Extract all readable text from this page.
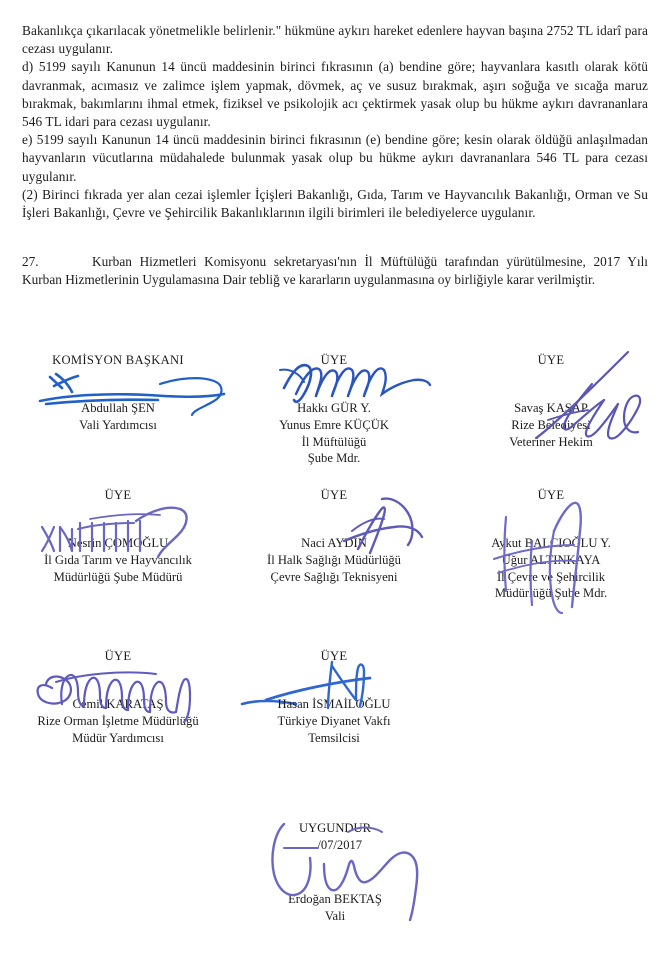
Bakanlıkça çıkarılacak yönetmelikle belirlenir." hükmüne aykırı hareket edenlere hayvan başına 2752 TL idarî para cezası uygulanır.

d) 5199 sayılı Kanunun 14 üncü maddesinin birinci fıkrasının (a) bendine göre; hayvanlara kasıtlı olarak kötü davranmak, acımasız ve zalimce işlem yapmak, dövmek, aç ve susuz bırakmak, aşırı soğuğa ve sıcağa maruz bırakmak, bakımlarını ihmal etmek, fiziksel ve psikolojik acı çektirmek yasak olup bu hükme aykırı davrananlara 546 TL idari para cezası uygulanır.

e) 5199 sayılı Kanunun 14 üncü maddesinin birinci fıkrasının (e) bendine göre; kesin olarak öldüğü anlaşılmadan hayvanların vücutlarına müdahalede bulunmak yasak olup bu hükme aykırı davrananlara 546 TL para cezası uygulanır.

(2) Birinci fıkrada yer alan cezai işlemler İçişleri Bakanlığı, Gıda, Tarım ve Hayvancılık Bakanlığı, Orman ve Su İşleri Bakanlığı, Çevre ve Şehircilik Bakanlıklarının ilgili birimleri ile belediyelerce uygulanır.

27.	Kurban Hizmetleri Komisyonu sekretaryası'nın İl Müftülüğü tarafından yürütülmesine, 2017 Yılı Kurban Hizmetlerinin Uygulamasına Dair tebliğ ve kararların uygulanmasına oy birliğiyle karar verilmiştir.
KOMİSYON BAŞKANI
Abdullah ŞEN
Vali Yardımcısı
ÜYE
Hakkı GÜR Y.
Yunus Emre KÜÇÜK
İl Müftülüğü
Şube Mdr.
ÜYE
Savaş KASAP
Rize Belediyesi
Veteriner Hekim
ÜYE
Nesrin ÇOMOĞLU
İl Gıda Tarım ve Hayvancılık
Müdürlüğü Şube Müdürü
ÜYE
Naci AYDIN
İl Halk Sağlığı Müdürlüğü
Çevre Sağlığı Teknisyeni
ÜYE
Aykut BALCIOĞLU Y.
Uğur ALTINKAYA
İl Çevre ve Şehircilik
Müdürlüğü Şube Mdr.
ÜYE
Cemil KARATAŞ
Rize Orman İşletme Müdürlüğü
Müdür Yardımcısı
ÜYE
Hasan İSMAİLOĞLU
Türkiye Diyanet Vakfı
Temsilcisi
UYGUNDUR
.../07/2017
Erdoğan BEKTAŞ
Vali
